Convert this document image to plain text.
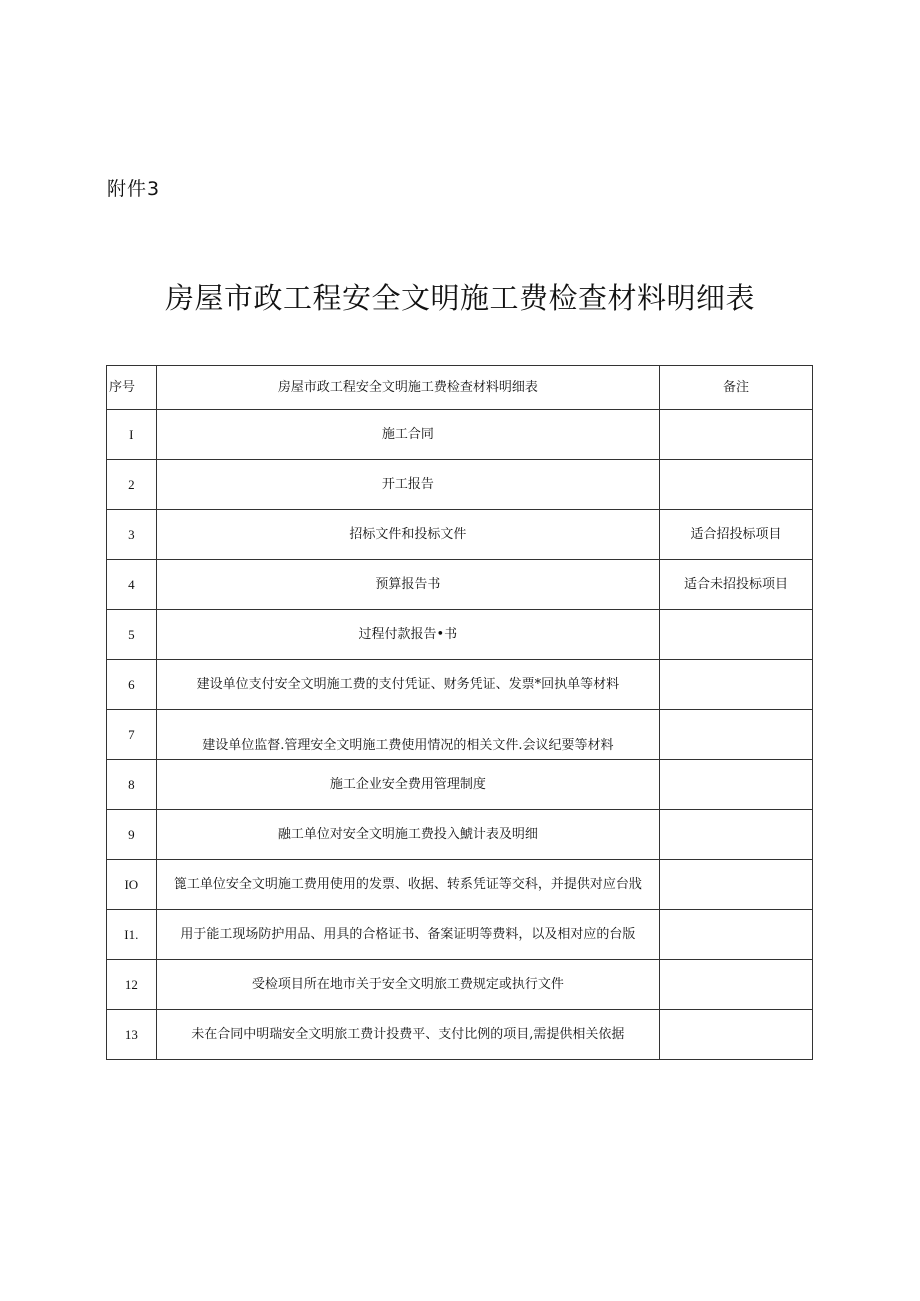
附件3

房屋市政工程安全文明施工费检查材料明细表
序号	房屋市政工程安全文明施工费检查材料明细表	备注
I	施工合同	
2	开工报告	
3	招标文件和投标文件	适合招投标项目
4	预算报告书	适合未招投标项目
5	过程付款报告•书	
6	建设单位支付安全文明施工费的支付凭证、财务凭证、发票*回执单等材料	
7	建设单位监督.管理安全文明施工费使用情况的相关文件.会议纪要等材料	
8	施工企业安全费用管理制度	
9	融工单位对安全文明施工费投入鯱计表及明细	
IO	篦工单位安全文明施工费用使用的发票、收据、转系凭证等交科，并提供对应台戕	
I1.	用于能工现场防护用品、用具的合格证书、备案证明等费料，以及相对应的台版	
12	受检项目所在地市关于安全文明旅工费规定或执行文件	
13	未在合同中明瑞安全文明旅工费计投费平、支付比例的项目,需提供相关依据	
